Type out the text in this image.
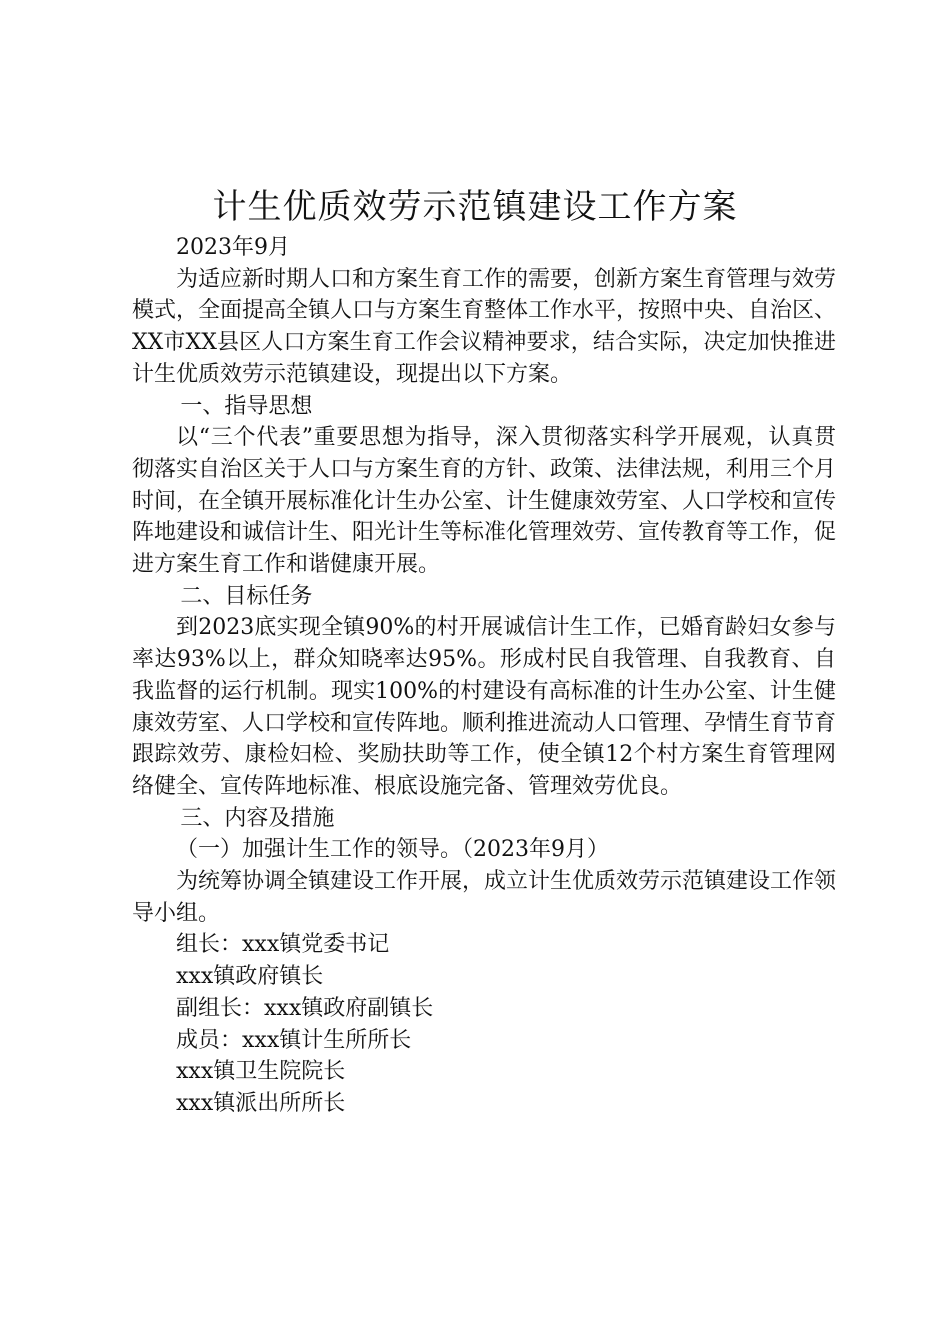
计生优质效劳示范镇建设工作方案

2023年9月

为适应新时期人口和方案生育工作的需要，创新方案生育管理与效劳模式，全面提高全镇人口与方案生育整体工作水平，按照中央、自治区、XX市XX县区人口方案生育工作会议精神要求，结合实际，决定加快推进计生优质效劳示范镇建设，现提出以下方案。

一、指导思想

以“三个代表”重要思想为指导，深入贯彻落实科学开展观，认真贯彻落实自治区关于人口与方案生育的方针、政策、法律法规，利用三个月时间，在全镇开展标准化计生办公室、计生健康效劳室、人口学校和宣传阵地建设和诚信计生、阳光计生等标准化管理效劳、宣传教育等工作，促进方案生育工作和谐健康开展。

二、目标任务

到2023底实现全镇90%的村开展诚信计生工作，已婚育龄妇女参与率达93%以上，群众知晓率达95%。形成村民自我管理、自我教育、自我监督的运行机制。现实100%的村建设有高标准的计生办公室、计生健康效劳室、人口学校和宣传阵地。顺利推进流动人口管理、孕情生育节育跟踪效劳、康检妇检、奖励扶助等工作，使全镇12个村方案生育管理网络健全、宣传阵地标准、根底设施完备、管理效劳优良。

三、内容及措施

（一）加强计生工作的领导。（2023年9月）

为统筹协调全镇建设工作开展，成立计生优质效劳示范镇建设工作领导小组。

组长：xxx镇党委书记

xxx镇政府镇长

副组长：xxx镇政府副镇长

成员：xxx镇计生所所长

xxx镇卫生院院长

xxx镇派出所所长
